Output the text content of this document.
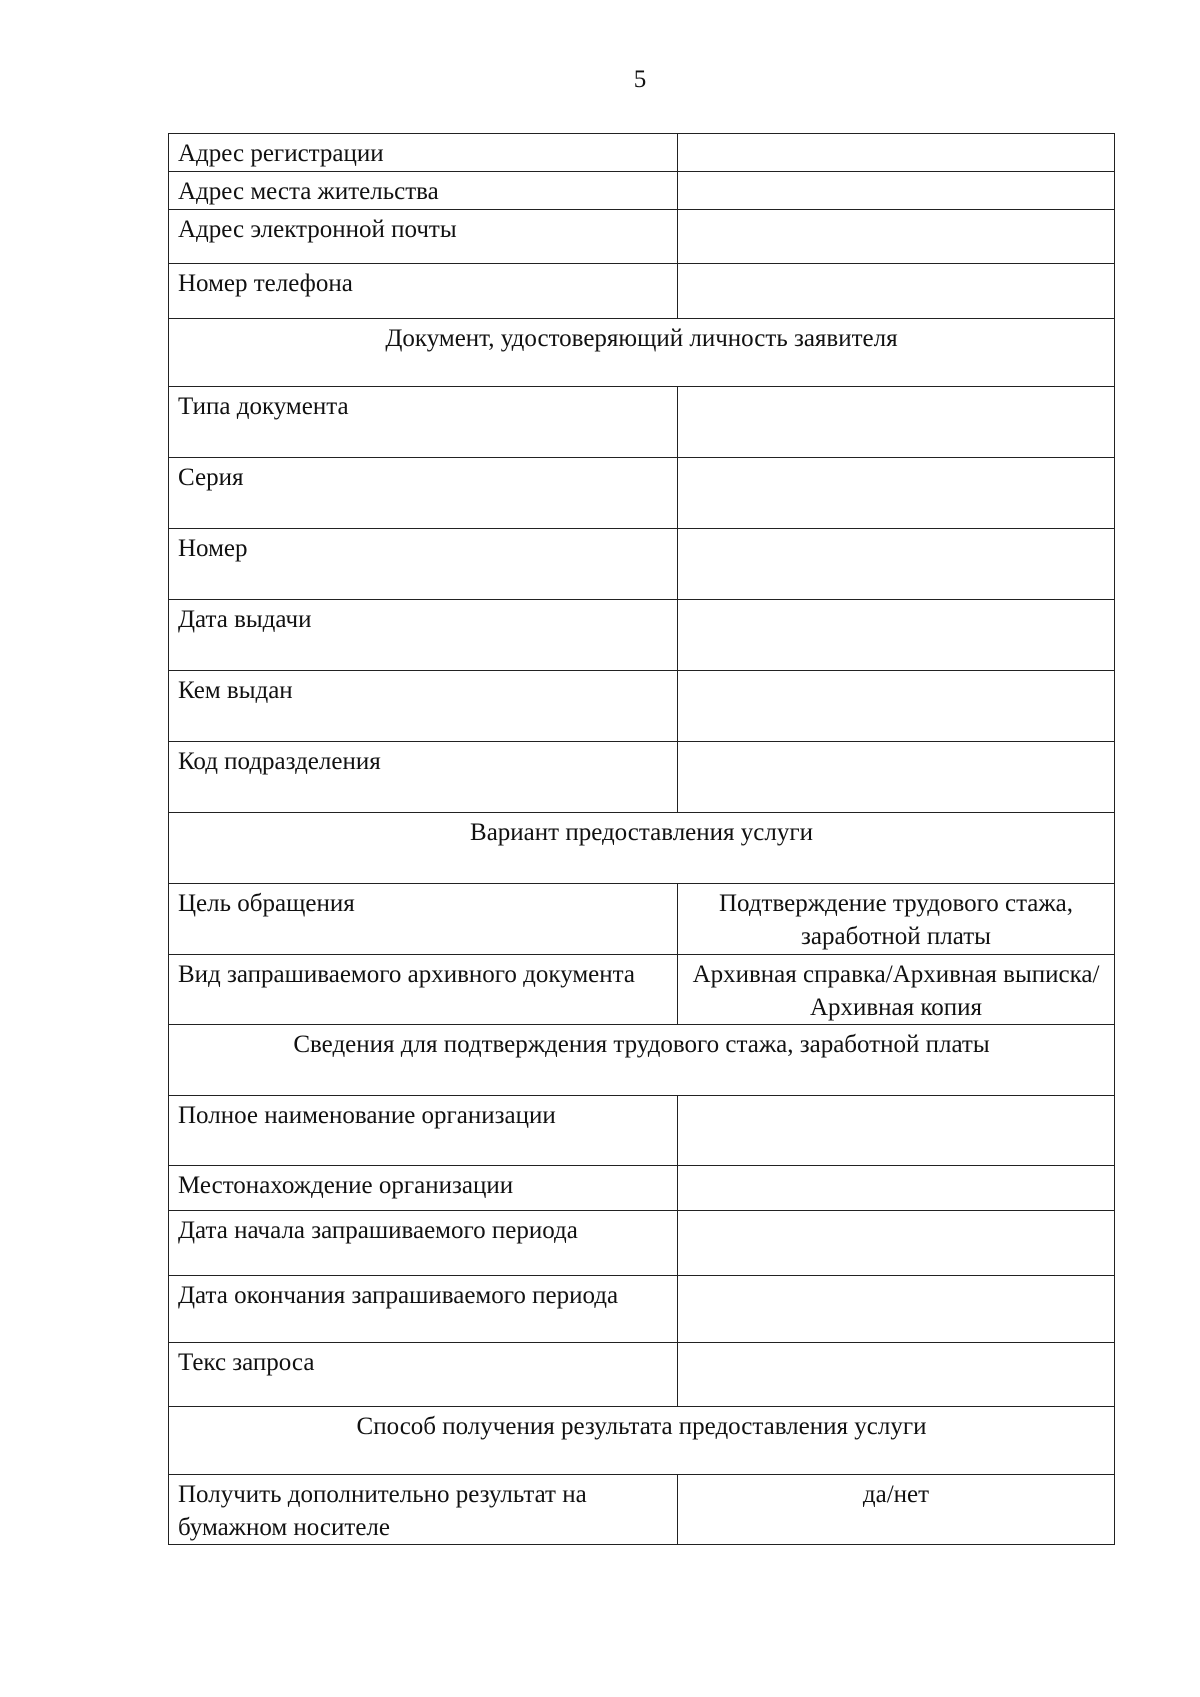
5
Адрес регистрации	
Адрес места жительства	
Адрес электронной почты	
Номер телефона	
Документ, удостоверяющий личность заявителя	
Типа документа	
Серия	
Номер	
Дата выдачи	
Кем выдан	
Код подразделения	
Вариант предоставления услуги	
Цель обращения	Подтверждение трудового стажа, заработной платы
Вид запрашиваемого архивного документа	Архивная справка/Архивная выписка/Архивная копия
Сведения для подтверждения трудового стажа, заработной платы	
Полное наименование организации	
Местонахождение организации	
Дата начала запрашиваемого периода	
Дата окончания запрашиваемого периода	
Текс запроса	
Способ получения результата предоставления услуги	
Получить дополнительно результат на бумажном носителе	да/нет
